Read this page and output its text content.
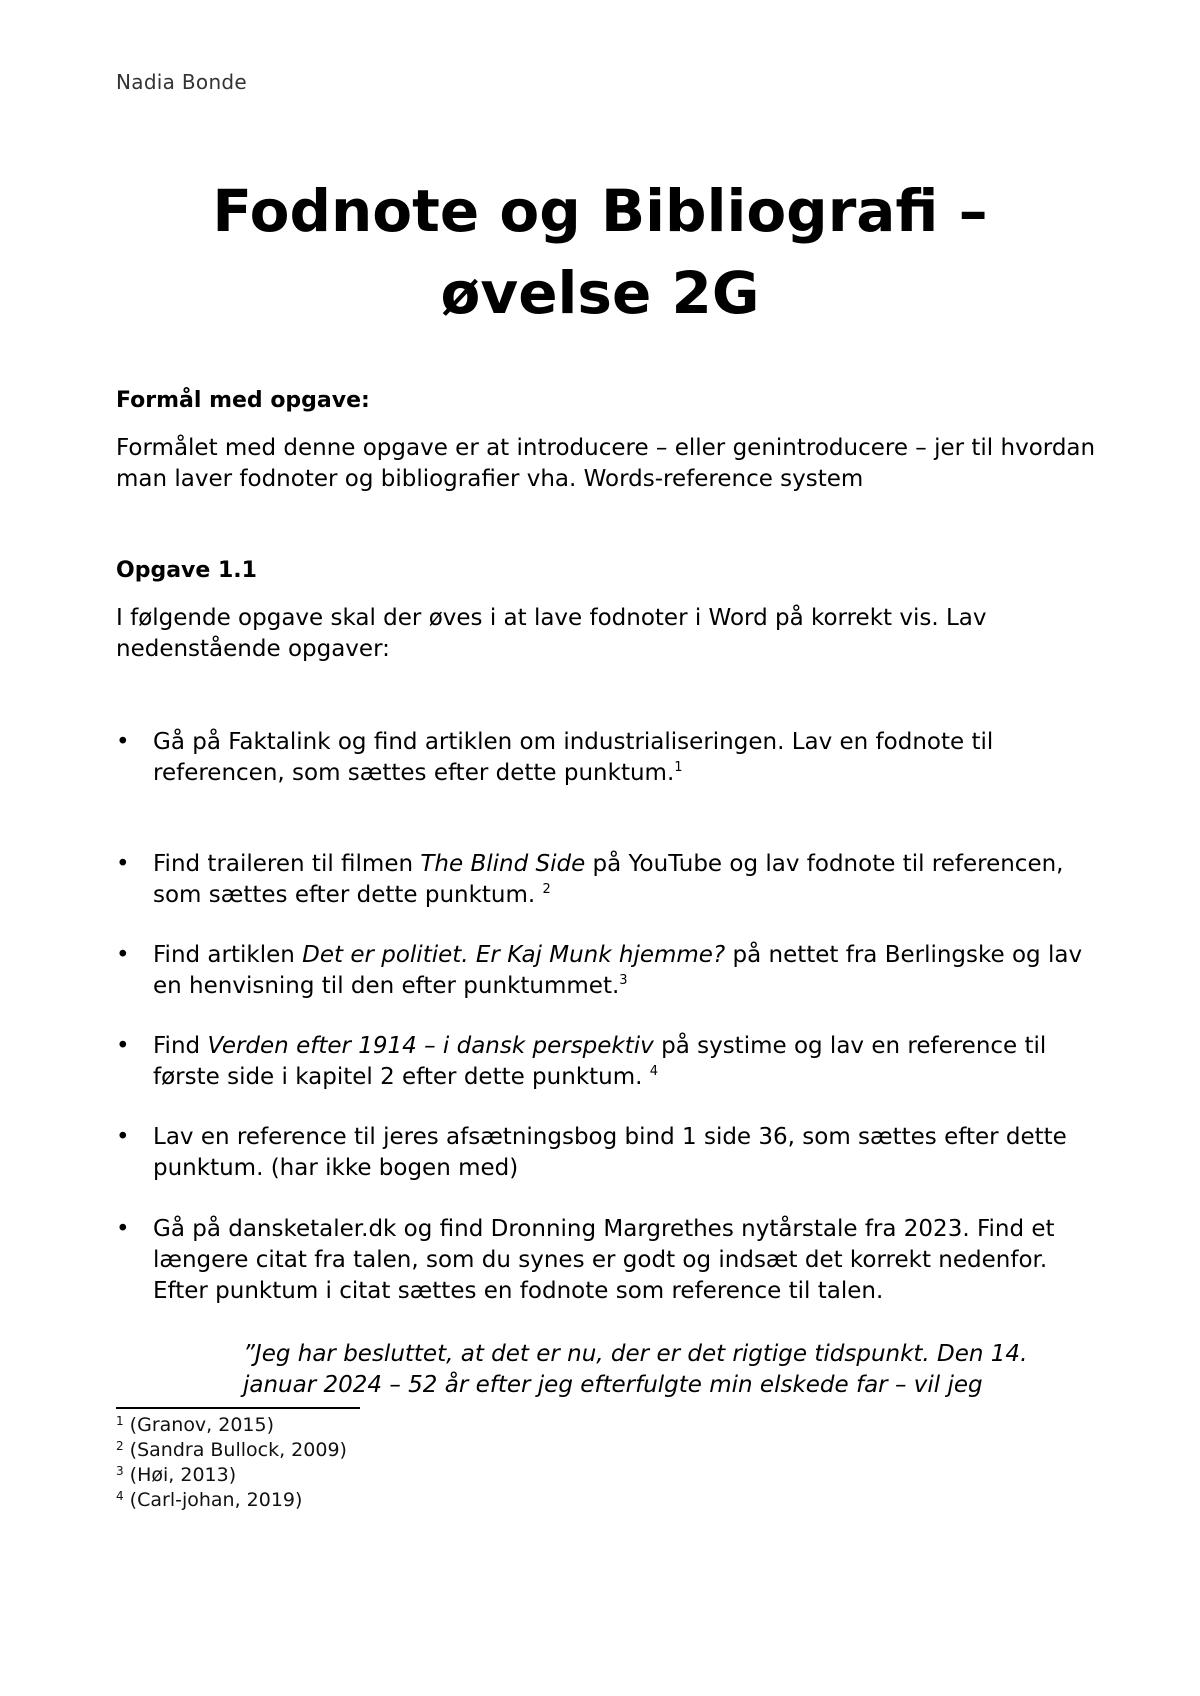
Nadia Bonde
Fodnote og Bibliografi –
øvelse 2G
Formål med opgave:

Formålet med denne opgave er at introducere – eller genintroducere – jer til hvordan man laver fodnoter og bibliografier vha. Words-reference system

Opgave 1.1

I følgende opgave skal der øves i at lave fodnoter i Word på korrekt vis. Lav nedenstående opgaver:

• Gå på Faktalink og find artiklen om industrialiseringen. Lav en fodnote til referencen, som sættes efter dette punktum.$^1$
• Find traileren til filmen The Blind Side på YouTube og lav fodnote til referencen, som sættes efter dette punktum. $^2$
• Find artiklen Det er politiet. Er Kaj Munk hjemme? på nettet fra Berlingske og lav en henvisning til den efter punktummet.$^3$
• Find Verden efter 1914 – i dansk perspektiv på systime og lav en reference til første side i kapitel 2 efter dette punktum. $^4$
• Lav en reference til jeres afsætningsbog bind 1 side 36, som sættes efter dette punktum. (har ikke bogen med)
• Gå på dansketaler.dk og find Dronning Margrethes nytårstale fra 2023. Find et længere citat fra talen, som du synes er godt og indsæt det korrekt nedenfor. Efter punktum i citat sættes en fodnote som reference til talen.

”Jeg har besluttet, at det er nu, der er det rigtige tidspunkt. Den 14.
januar 2024 – 52 år efter jeg efterfulgte min elskede far – vil jeg

$^1$ (Granov, 2015)
$^2$ (Sandra Bullock, 2009)
$^3$ (Høi, 2013)
$^4$ (Carl-johan, 2019)
